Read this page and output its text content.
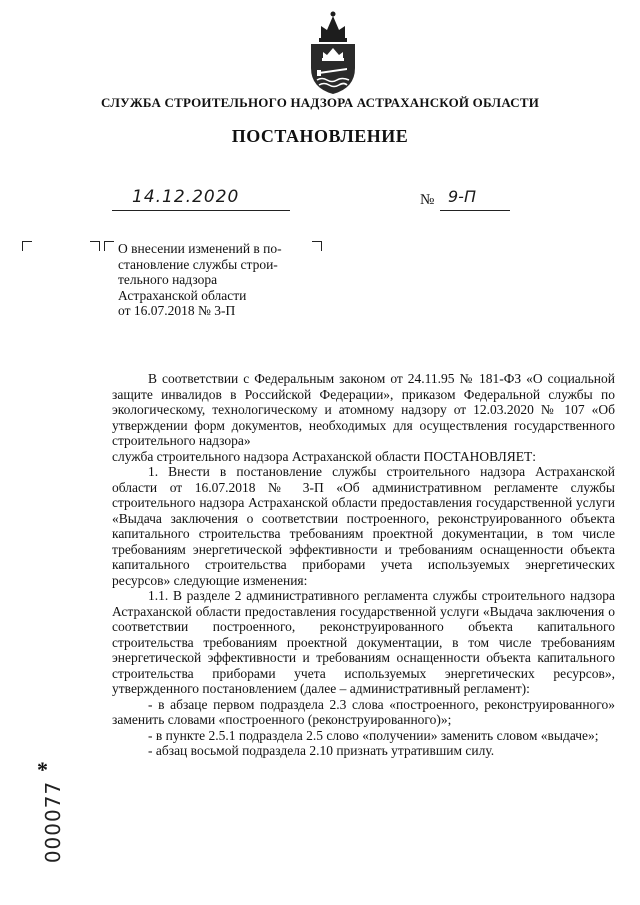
СЛУЖБА СТРОИТЕЛЬНОГО НАДЗОРА АСТРАХАНСКОЙ ОБЛАСТИ
ПОСТАНОВЛЕНИЕ
14.12.2020	№ 9-П
О внесении изменений в по-
становление службы строи-
тельного надзора
Астраханской области
от 16.07.2018 № 3-П

В соответствии с Федеральным законом от 24.11.95 № 181-ФЗ «О социальной защите инвалидов в Российской Федерации», приказом Федеральной службы по экологическому, технологическому и атомному надзору от 12.03.2020 № 107 «Об утверждении форм документов, необходимых для осуществления государственного строительного надзора»

служба строительного надзора Астраханской области ПОСТАНОВЛЯЕТ:

1. Внести в постановление службы строительного надзора Астраханской области от 16.07.2018 № 3-П «Об административном регламенте службы строительного надзора Астраханской области предоставления государственной услуги «Выдача заключения о соответствии построенного, реконструированного объекта капитального строительства требованиям проектной документации, в том числе требованиям энергетической эффективности и требованиям оснащенности объекта капитального строительства приборами учета используемых энергетических ресурсов» следующие изменения:

1.1. В разделе 2 административного регламента службы строительного надзора Астраханской области предоставления государственной услуги «Выдача заключения о соответствии построенного, реконструированного объекта капитального строительства требованиям проектной документации, в том числе требованиям энергетической эффективности и требованиям оснащенности объекта капитального строительства приборами учета используемых энергетических ресурсов», утвержденного постановлением (далее – административный регламент):

- в абзаце первом подраздела 2.3 слова «построенного, реконструированного» заменить словами «построенного (реконструированного)»;

- в пункте 2.5.1 подраздела 2.5 слово «получении» заменить словом «выдаче»;

- абзац восьмой подраздела 2.10 признать утратившим силу.

*
000077
